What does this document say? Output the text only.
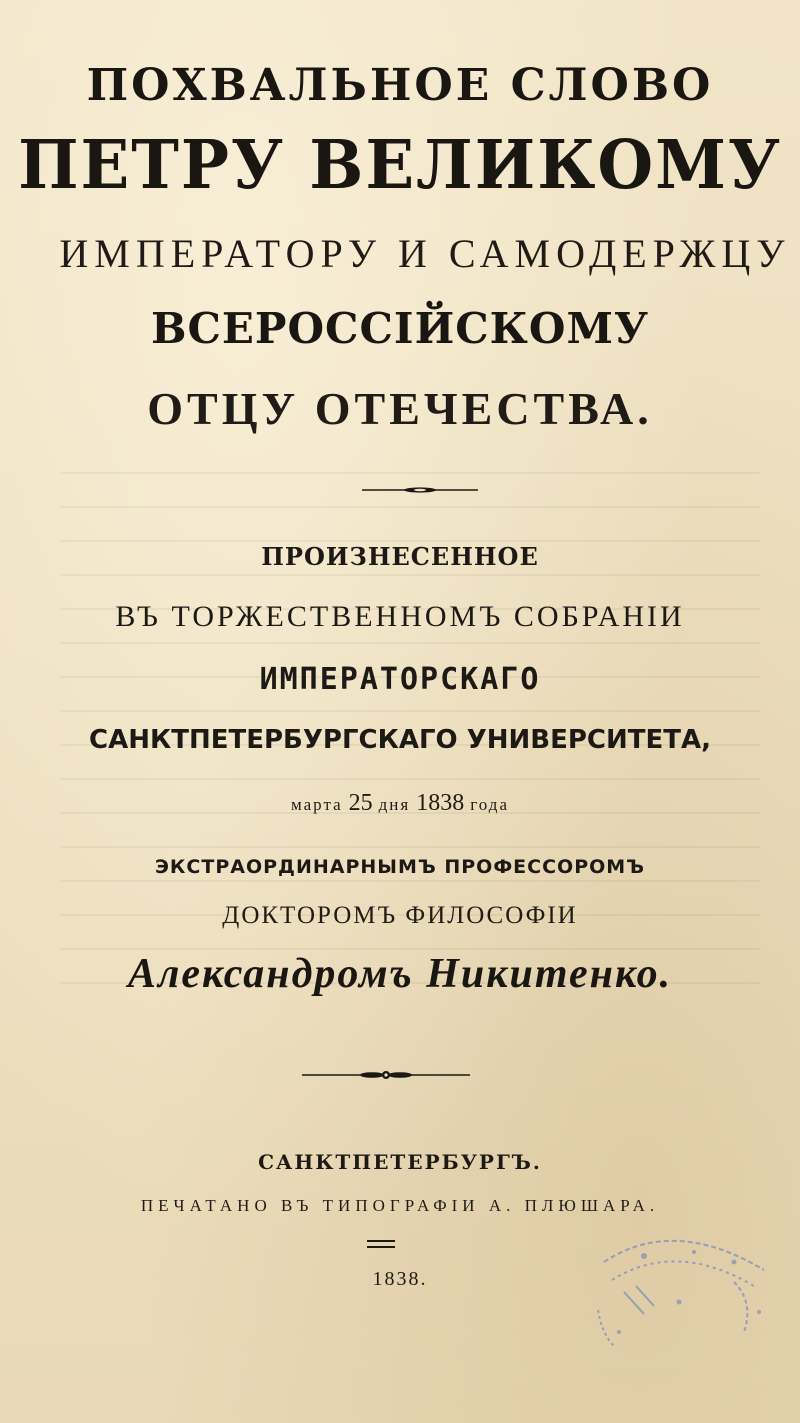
ПОХВАЛЬНОЕ СЛОВО

ПЕТРУ ВЕЛИКОМУ

ИМПЕРАТОРУ И САМОДЕРЖЦУ

ВСЕРОССІЙСКОМУ

ОТЦУ ОТЕЧЕСТВА.

ПРОИЗНЕСЕННОЕ

ВЪ ТОРЖЕСТВЕННОМЪ СОБРАНІИ

ИМПЕРАТОРСКАГО

САНКТПЕТЕРБУРГСКАГО УНИВЕРСИТЕТА,

марта 25 дня 1838 года

ЭКСТРАОРДИНАРНЫМЪ ПРОФЕССОРОМЪ

ДОКТОРОМЪ ФИЛОСОФІИ

Александромъ Никитенко.

САНКТПЕТЕРБУРГЪ.

ПЕЧАТАНО ВЪ ТИПОГРАФІИ А. ПЛЮШАРА.

1838.
